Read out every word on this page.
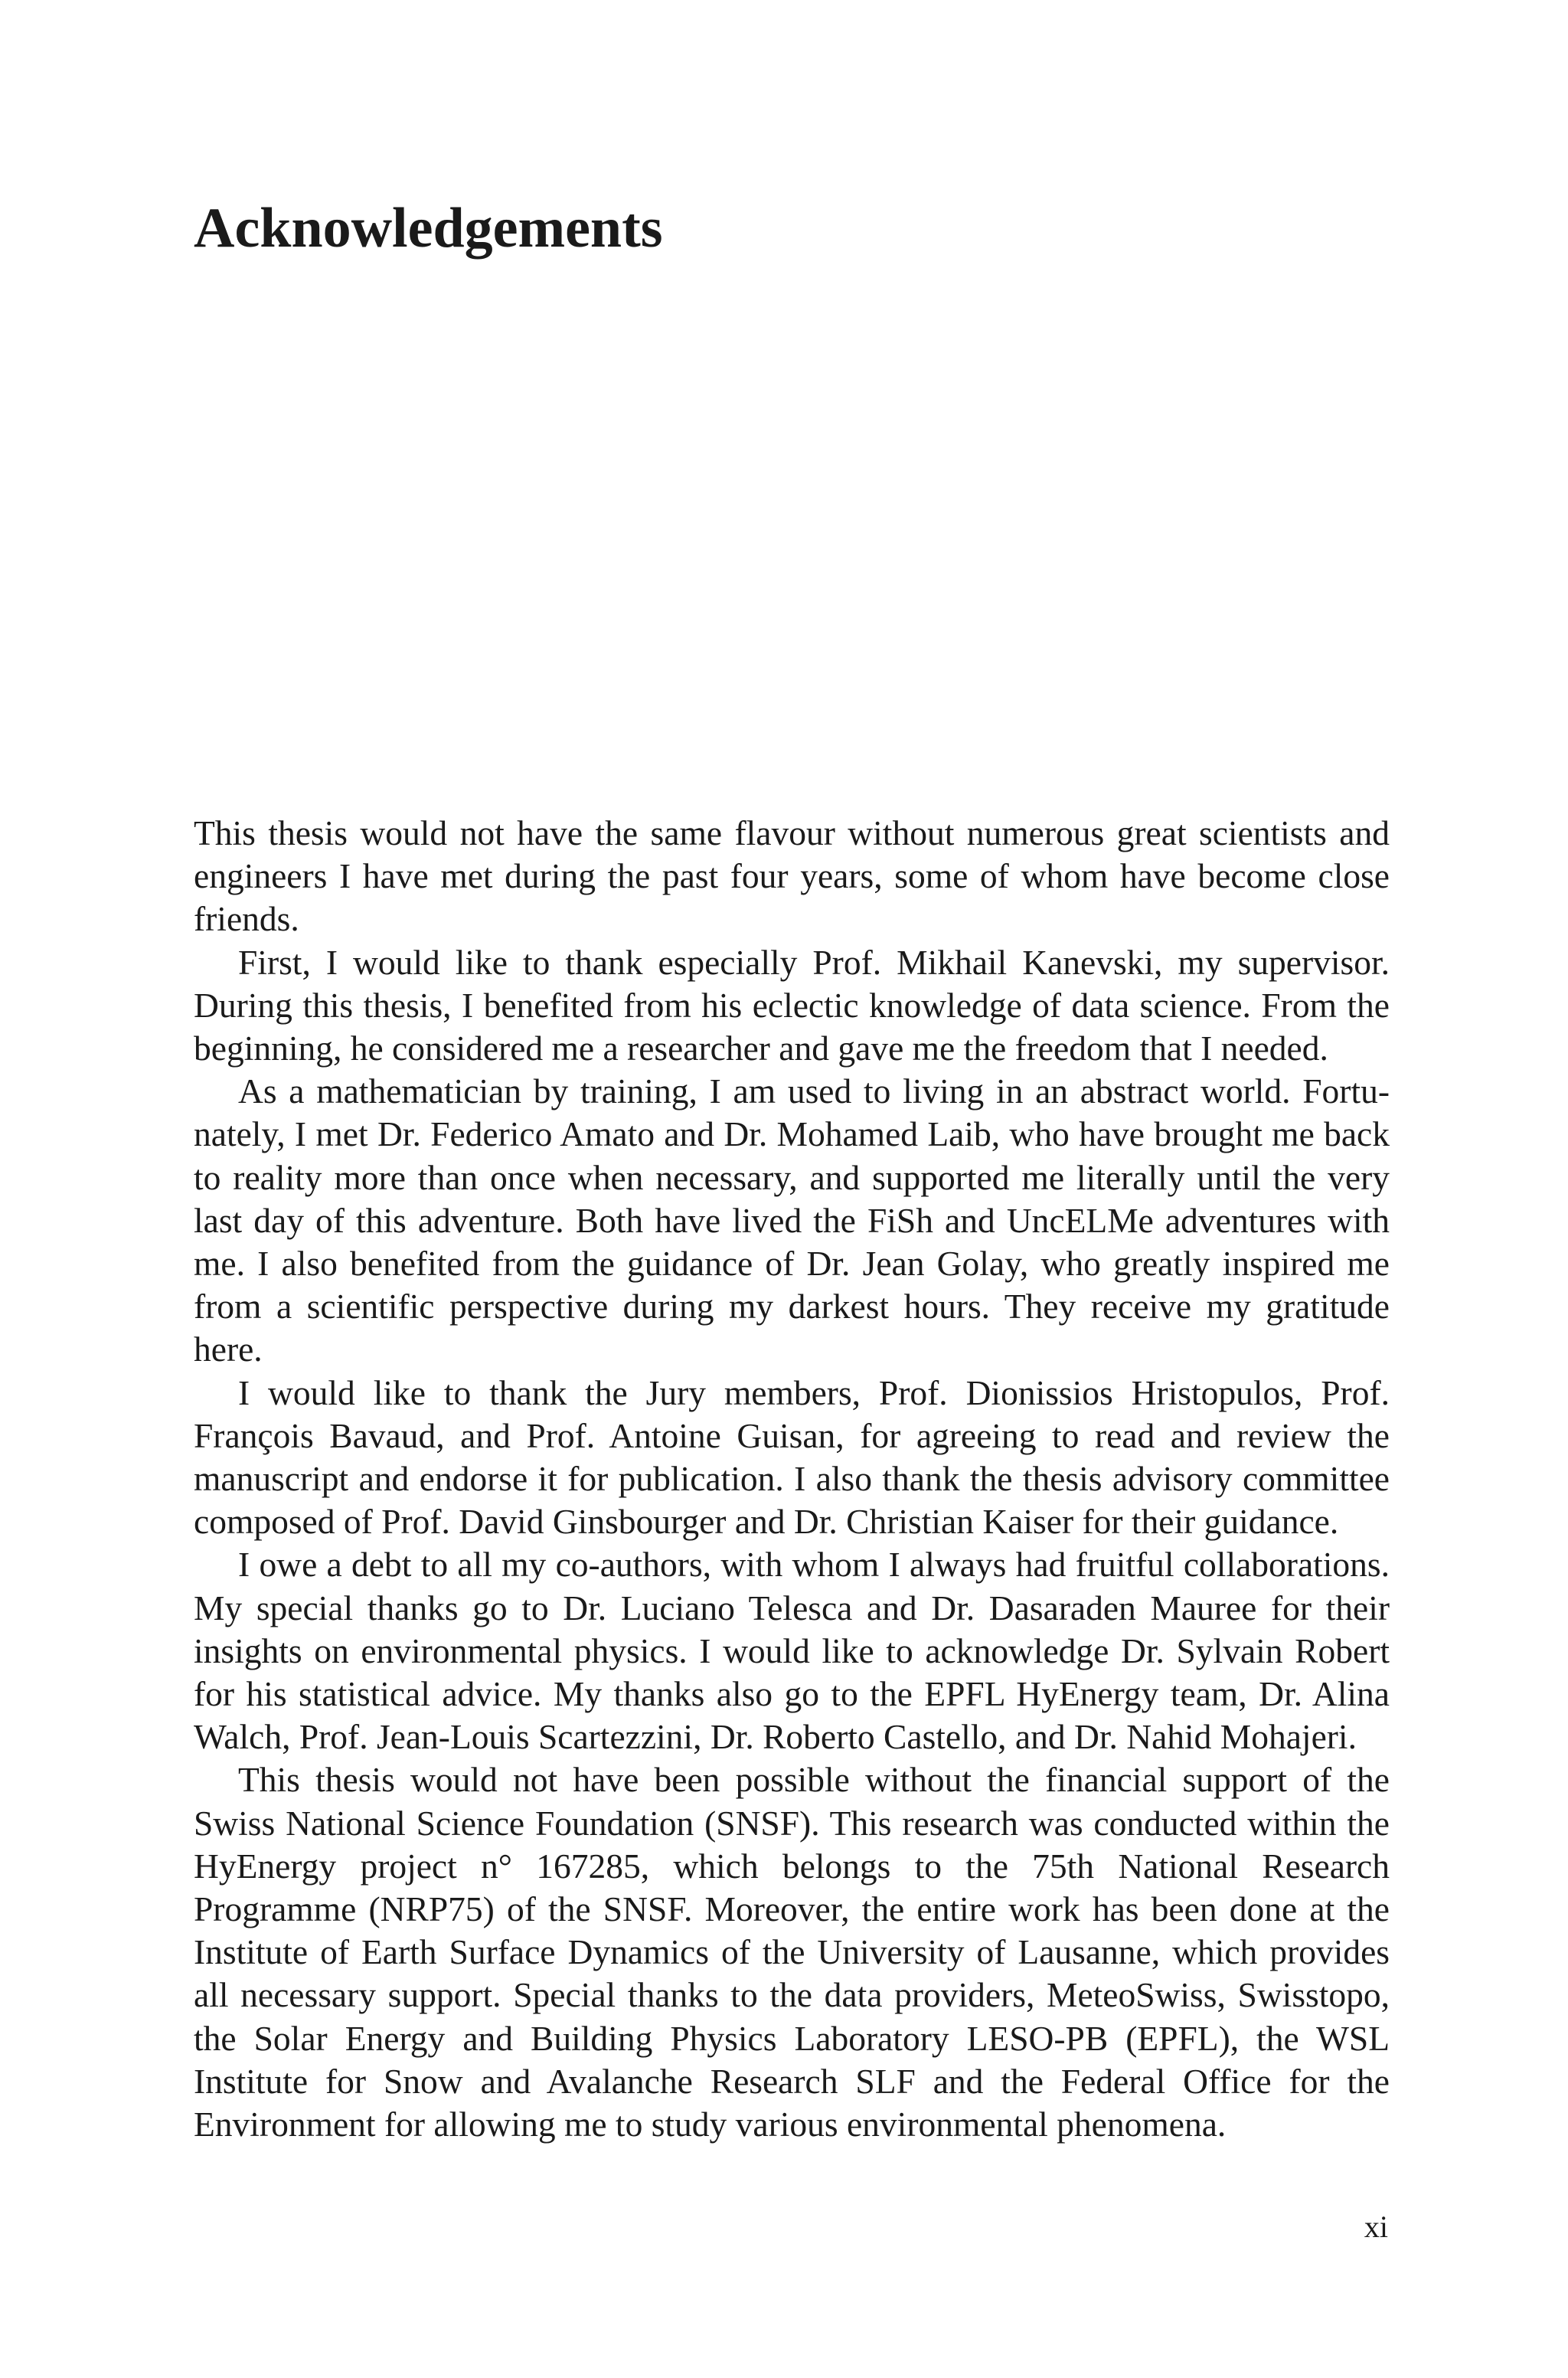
Acknowledgements

This thesis would not have the same flavour without numerous great scientists and engineers I have met during the past four years, some of whom have become close friends.

First, I would like to thank especially Prof. Mikhail Kanevski, my supervisor. During this thesis, I benefited from his eclectic knowledge of data science. From the beginning, he considered me a researcher and gave me the freedom that I needed.

As a mathematician by training, I am used to living in an abstract world. Fortunately, I met Dr. Federico Amato and Dr. Mohamed Laib, who have brought me back to reality more than once when necessary, and supported me literally until the very last day of this adventure. Both have lived the FiSh and UncELMe adventures with me. I also benefited from the guidance of Dr. Jean Golay, who greatly inspired me from a scientific perspective during my darkest hours. They receive my gratitude here.

I would like to thank the Jury members, Prof. Dionissios Hristopulos, Prof. François Bavaud, and Prof. Antoine Guisan, for agreeing to read and review the manuscript and endorse it for publication. I also thank the thesis advisory committee composed of Prof. David Ginsbourger and Dr. Christian Kaiser for their guidance.

I owe a debt to all my co-authors, with whom I always had fruitful collaborations. My special thanks go to Dr. Luciano Telesca and Dr. Dasaraden Mauree for their insights on environmental physics. I would like to acknowledge Dr. Sylvain Robert for his statistical advice. My thanks also go to the EPFL HyEnergy team, Dr. Alina Walch, Prof. Jean-Louis Scartezzini, Dr. Roberto Castello, and Dr. Nahid Mohajeri.

This thesis would not have been possible without the financial support of the Swiss National Science Foundation (SNSF). This research was conducted within the HyEnergy project n° 167285, which belongs to the 75th National Research Programme (NRP75) of the SNSF. Moreover, the entire work has been done at the Institute of Earth Surface Dynamics of the University of Lausanne, which provides all necessary support. Special thanks to the data providers, MeteoSwiss, Swisstopo, the Solar Energy and Building Physics Laboratory LESO-PB (EPFL), the WSL Institute for Snow and Avalanche Research SLF and the Federal Office for the Environment for allowing me to study various environmental phenomena.

xi
